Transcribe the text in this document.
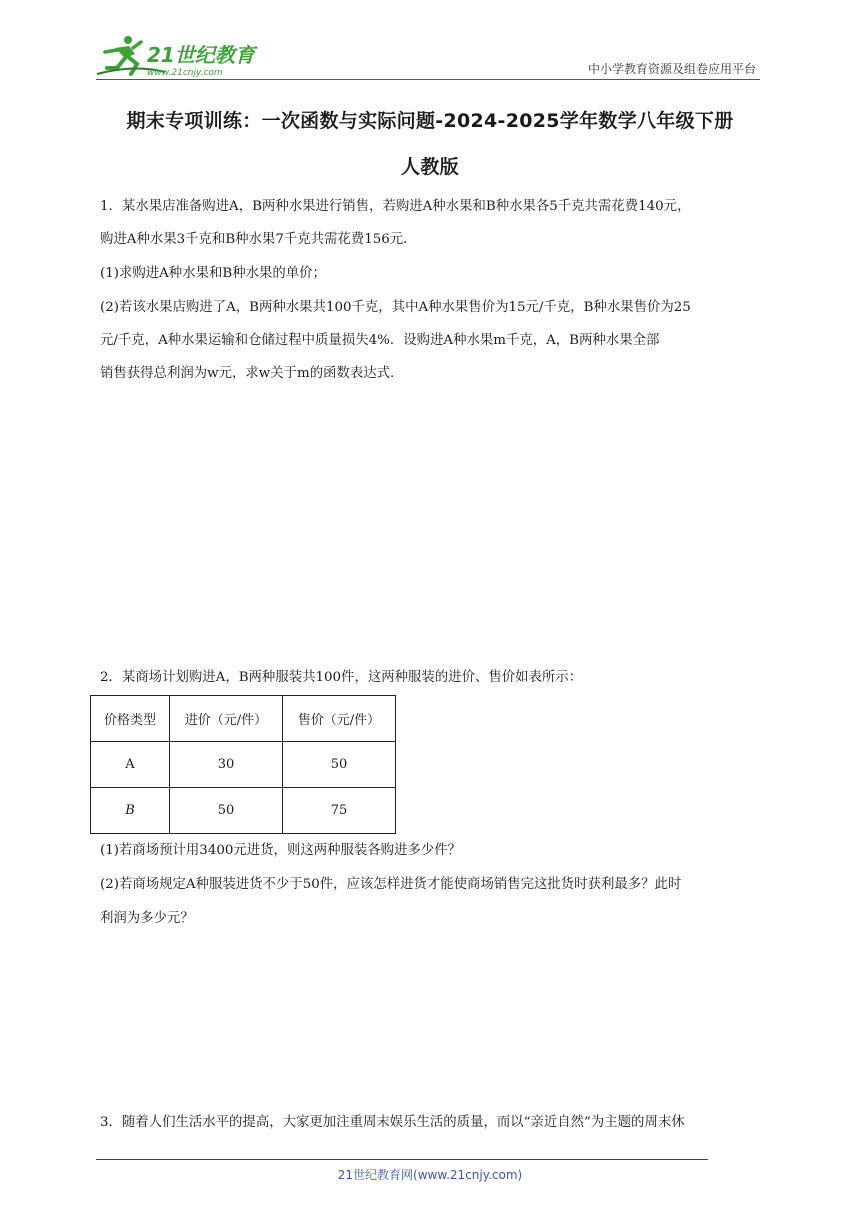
21世纪教育
www.21cnjy.com	中小学教育资源及组卷应用平台
期末专项训练：一次函数与实际问题-2024-2025学年数学八年级下册
人教版
1．某水果店准备购进A，B两种水果进行销售，若购进A种水果和B种水果各5千克共需花费140元，
购进A种水果3千克和B种水果7千克共需花费156元．
(1)求购进A种水果和B种水果的单价；
(2)若该水果店购进了A，B两种水果共100千克，其中A种水果售价为15元/千克，B种水果售价为25
元/千克，A种水果运输和仓储过程中质量损失4%．设购进A种水果m千克，A，B两种水果全部
销售获得总利润为w元，求w关于m的函数表达式．
2．某商场计划购进A，B两种服装共100件，这两种服装的进价、售价如表所示：
价格类型	进价（元/件）	售价（元/件）
A	30	50
B	50	75
(1)若商场预计用3400元进货，则这两种服装各购进多少件？
(2)若商场规定A种服装进货不少于50件，应该怎样进货才能使商场销售完这批货时获利最多？此时
利润为多少元？
3．随着人们生活水平的提高，大家更加注重周末娱乐生活的质量，而以“亲近自然”为主题的周末休
21世纪教育网(www.21cnjy.com)
